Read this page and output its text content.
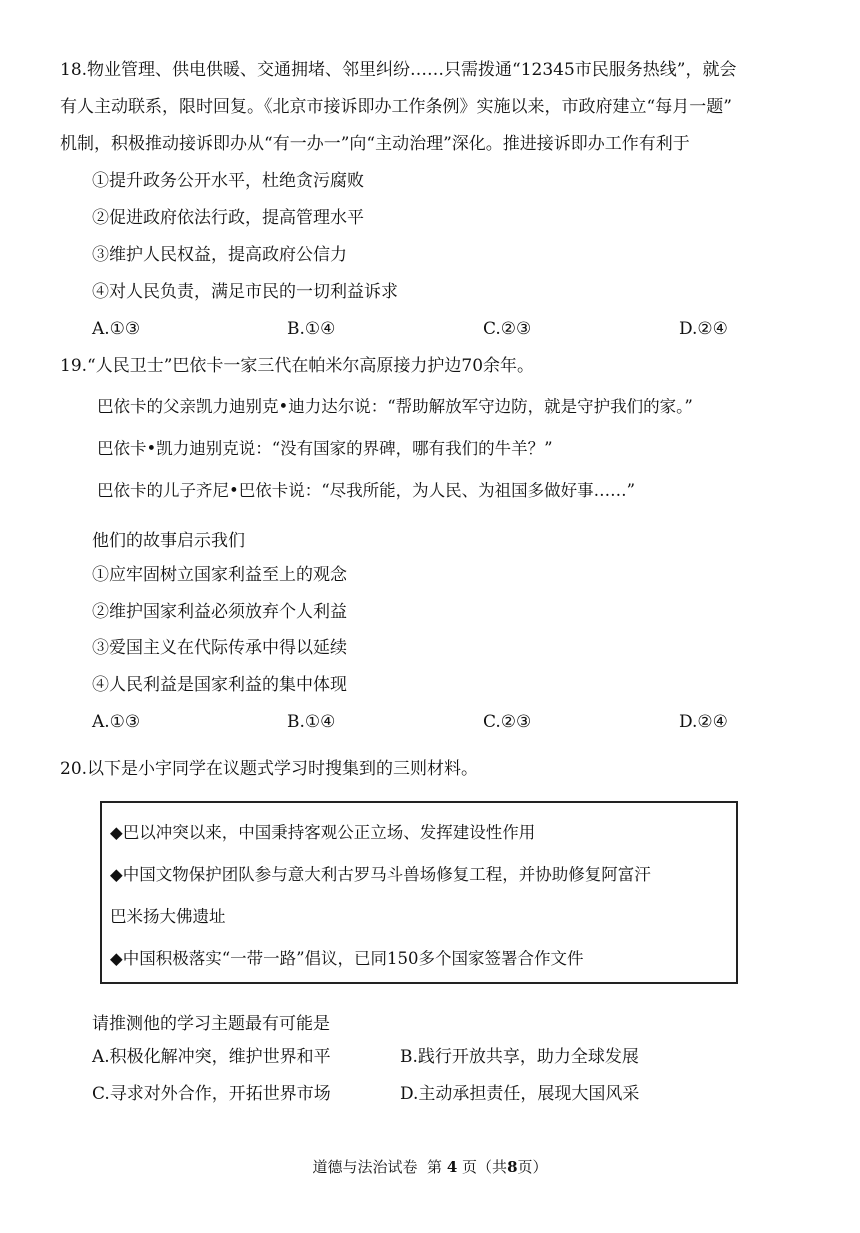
18.物业管理、供电供暖、交通拥堵、邻里纠纷……只需拨通“12345市民服务热线”，就会
有人主动联系，限时回复。《北京市接诉即办工作条例》实施以来，市政府建立“每月一题”
机制，积极推动接诉即办从“有一办一”向“主动治理”深化。推进接诉即办工作有利于
①提升政务公开水平，杜绝贪污腐败
②促进政府依法行政，提高管理水平
③维护人民权益，提高政府公信力
④对人民负责，满足市民的一切利益诉求
A.①③	B.①④	C.②③	D.②④
19.“人民卫士”巴依卡一家三代在帕米尔高原接力护边70余年。
巴依卡的父亲凯力迪别克•迪力达尔说：“帮助解放军守边防，就是守护我们的家。”
巴依卡•凯力迪别克说：“没有国家的界碑，哪有我们的牛羊？”
巴依卡的儿子齐尼•巴依卡说：“尽我所能，为人民、为祖国多做好事……”
他们的故事启示我们
①应牢固树立国家利益至上的观念
②维护国家利益必须放弃个人利益
③爱国主义在代际传承中得以延续
④人民利益是国家利益的集中体现
A.①③	B.①④	C.②③	D.②④
20.以下是小宇同学在议题式学习时搜集到的三则材料。
◆巴以冲突以来，中国秉持客观公正立场、发挥建设性作用
◆中国文物保护团队参与意大利古罗马斗兽场修复工程，并协助修复阿富汗
巴米扬大佛遗址
◆中国积极落实“一带一路”倡议，已同150多个国家签署合作文件
请推测他的学习主题最有可能是
A.积极化解冲突，维护世界和平	B.践行开放共享，助力全球发展
C.寻求对外合作，开拓世界市场	D.主动承担责任，展现大国风采
道德与法治试卷 第 4 页（共8页）
